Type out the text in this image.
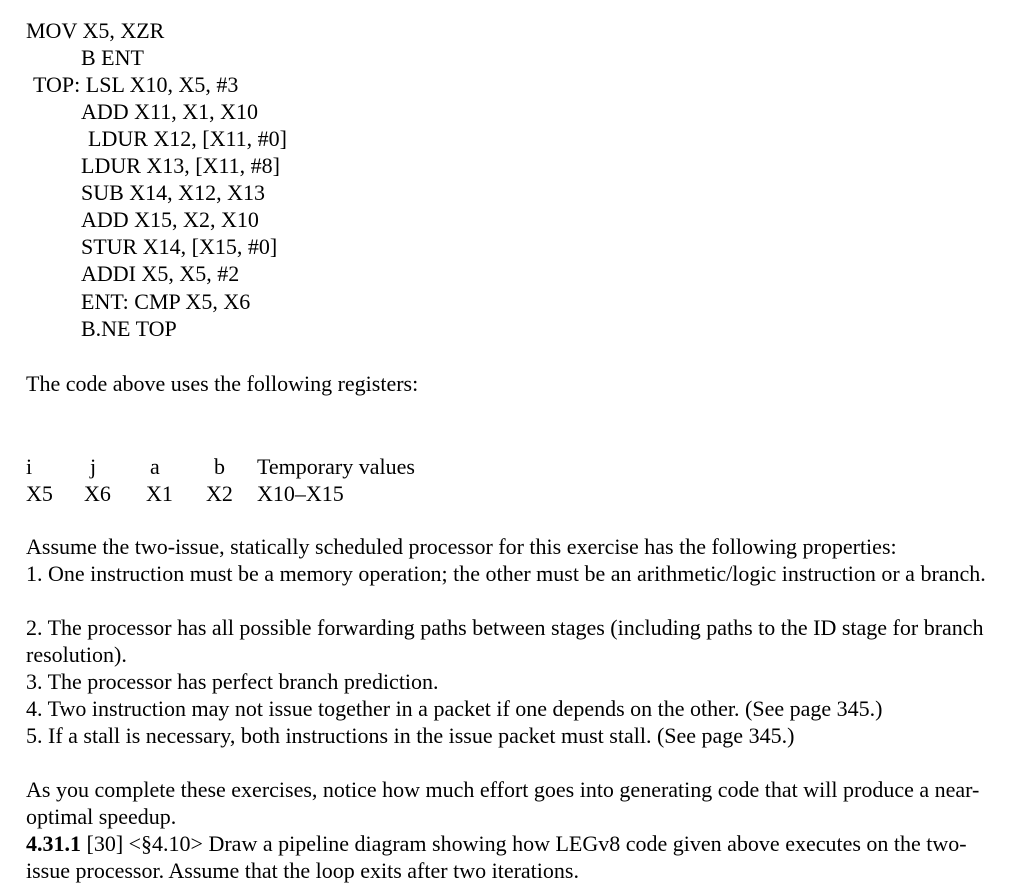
MOV X5, XZR
B ENT
TOP: LSL X10, X5, #3
ADD X11, X1, X10
LDUR X12, [X11, #0]
LDUR X13, [X11, #8]
SUB X14, X12, X13
ADD X15, X2, X10
STUR X14, [X15, #0]
ADDI X5, X5, #2
ENT: CMP X5, X6
B.NE TOP
The code above uses the following registers:
i	j a b Temporary values
X5 X6 X1 X2 X10–X15
Assume the two-issue, statically scheduled processor for this exercise has the following properties:
1. One instruction must be a memory operation; the other must be an arithmetic/logic instruction or a branch.
2. The processor has all possible forwarding paths between stages (including paths to the ID stage for branch resolution).
3. The processor has perfect branch prediction.
4. Two instruction may not issue together in a packet if one depends on the other. (See page 345.)
5. If a stall is necessary, both instructions in the issue packet must stall. (See page 345.)
As you complete these exercises, notice how much effort goes into generating code that will produce a near-optimal speedup.
4.31.1 [30] <§4.10> Draw a pipeline diagram showing how LEGv8 code given above executes on the two-issue processor. Assume that the loop exits after two iterations.
